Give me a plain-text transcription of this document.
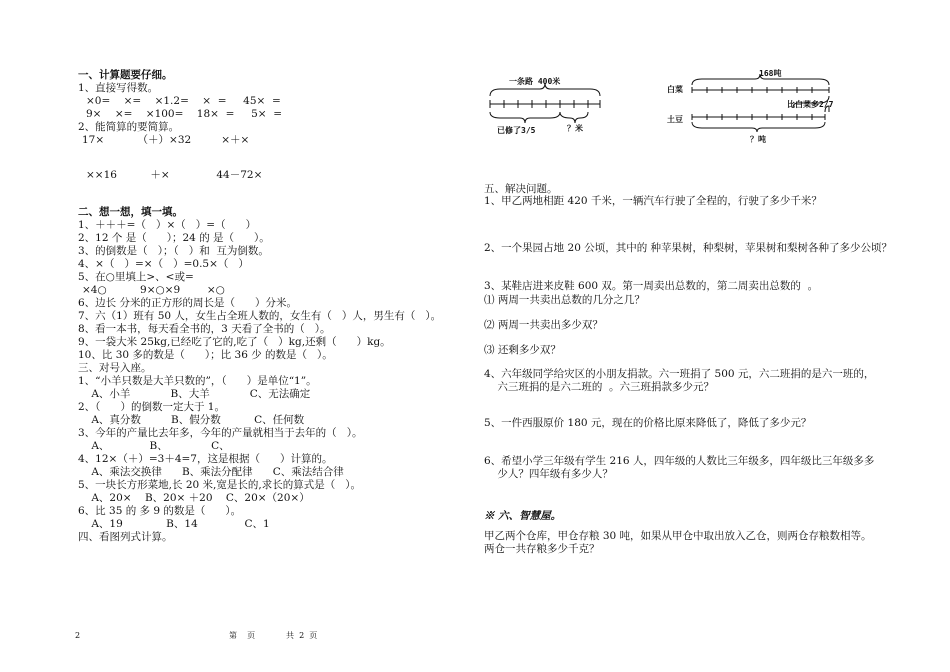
一、计算题要仔细。
1、直接写得数。
×0=    ×=    ×1.2=    ×  =     45×  =
9×    ×=    ×100=    18×  =     5×  =
2、能简算的要简算。
17×          （＋）×32         ×＋×
××16          ＋×              44－72×
二、想一想，填一填。
1、＋＋＋=（   ）×（   ）=（      ）
2、12 个 是（      ）；24 的 是（      ）。
3、的倒数是（   ）；（   ）和  互为倒数。
4、×（   ）=×（   ）=0.5×（   ）
5、在○里填上>、<或=
×4○          9×○×9        ×○
6、边长 分米的正方形的周长是（      ）分米。
7、六（1）班有 50 人，女生占全班人数的，女生有（   ）人，男生有（   ）。
8、看一本书，每天看全书的，3 天看了全书的（   ）。
9、一袋大米 25kg,已经吃了它的,吃了（   ）kg,还剩（      ）kg。
10、比 30 多的数是（      ）；比 36 少 的数是（   ）。
三、对号入座。
1、“小羊只数是大羊只数的”，（      ）是单位“1”。
A、小羊            B、大羊            C、无法确定
2、（      ）的倒数一定大于 1。
A、真分数         B、假分数          C、任何数
3、今年的产量比去年多，今年的产量就相当于去年的（   ）。
A、            B、             C、
4、12×（＋）=3＋4=7，这是根据（      ）计算的。
A、乘法交换律      B、乘法分配律      C、乘法结合律
5、一块长方形菜地,长 20 米,宽是长的,求长的算式是（   ）。
A、20×    B、20× ＋20    C、20×（20×）
6、比 35 的 多 9 的数是（      ）。
A、19             B、14              C、1
四、看图列式计算。
一条路 400米
已修了3/5	？米
168吨
白菜
土豆
比白菜多2/7
？吨
五、解决问题。
1、甲乙两地相距 420 千米，一辆汽车行驶了全程的，行驶了多少千米？
2、一个果园占地 20 公顷，其中的 种苹果树，种梨树，苹果树和梨树各种了多少公顷？
3、某鞋店进来皮鞋 600 双。第一周卖出总数的，第二周卖出总数的  。
⑴ 两周一共卖出总数的几分之几？
⑵ 两周一共卖出多少双？
⑶ 还剩多少双？
4、六年级同学给灾区的小朋友捐款。六一班捐了 500 元，六二班捐的是六一班的，
六三班捐的是六二班的  。六三班捐款多少元？
5、一件西服原价 180 元，现在的价格比原来降低了，降低了多少元？
6、希望小学三年级有学生 216 人，四年级的人数比三年级多，四年级比三年级多多
少人？四年级有多少人？
※ 六、智慧屋。
甲乙两个仓库，甲仓存粮 30 吨，如果从甲仓中取出放入乙仓，则两仓存粮数相等。
两仓一共存粮多少千克？
2	第    页	共  2  页
